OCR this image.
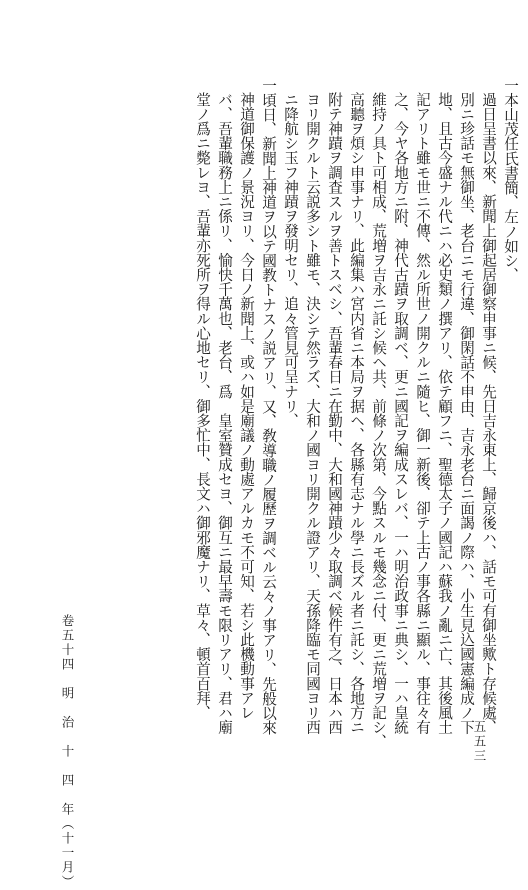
一本山茂任氏書簡、左ノ如シ、
過日呈書以來、新聞上御起居御察申事ニ候、先日吉永東上、歸京後ハ、話モ可有御坐歟ト存候處、
別ニ珍話モ無御坐、老台ニモ行違、御閑話不申由、吉永老台ニ面謁ノ際ハ、小生見込國憲編成ノ下
地、且古今盛ナル代ニハ必史類ノ撰アリ、依テ顧フニ、聖德太子ノ國記ハ蘇我ノ亂ニ亡、其後風土
記アリト雖モ世ニ不傳、然ル所世ノ開クルニ隨ヒ、御一新後、卻テ上古ノ事各縣ニ顯ル、事往々有
之、今ヤ各地方ニ附、神代古蹟ヲ取調ベ、更ニ國記ヲ編成スレバ、一ハ明治政事ニ典シ、一ハ皇統
維持ノ具ト可相成、荒増ヲ吉永ニ託シ候ヘ共、前條ノ次第、今點スルモ幾念ニ付、更ニ荒増ヲ記シ、
高聽ヲ煩シ申事ナリ、此編集ハ宮内省ニ本局ヲ据ヘ、各縣有志ナル學ニ長ズル者ニ託シ、各地方ニ
附テ神蹟ヲ調査スルヲ善トスベシ、吾輩春日ニ在勤中、大和國神蹟少々取調ベ候件有之、日本ハ西
ヨリ開クルト云説多シト雖モ、決シテ然ラズ、大和ノ國ヨリ開クル證アリ、天孫降臨モ同國ヨリ西
ニ降航シ玉フ神蹟ヲ發明セリ、追々管見可呈ナリ、
一頃日、新聞上神道ヲ以テ國教トナスノ説アリ、又、敎導職ノ履歷ヲ調ベル云々ノ事アリ、先般以來
神道御保護ノ景況ヨリ、今日ノ新聞上、或ハ如是廟議ノ動處アルカモ不可知、若シ此機動事アレ
バ、吾輩職務上ニ係リ、愉快千萬也、老台、爲　皇室贊成セヨ、御互ニ最早壽モ限リアリ、君ハ廟
堂ノ爲ニ斃レヨ、吾輩亦死所ヲ得ル心地セリ、御多忙中、長文ハ御邪魔ナリ、草々、頓首百拜、
卷五十四　明　治　十　四　年（十一月）	五五三
